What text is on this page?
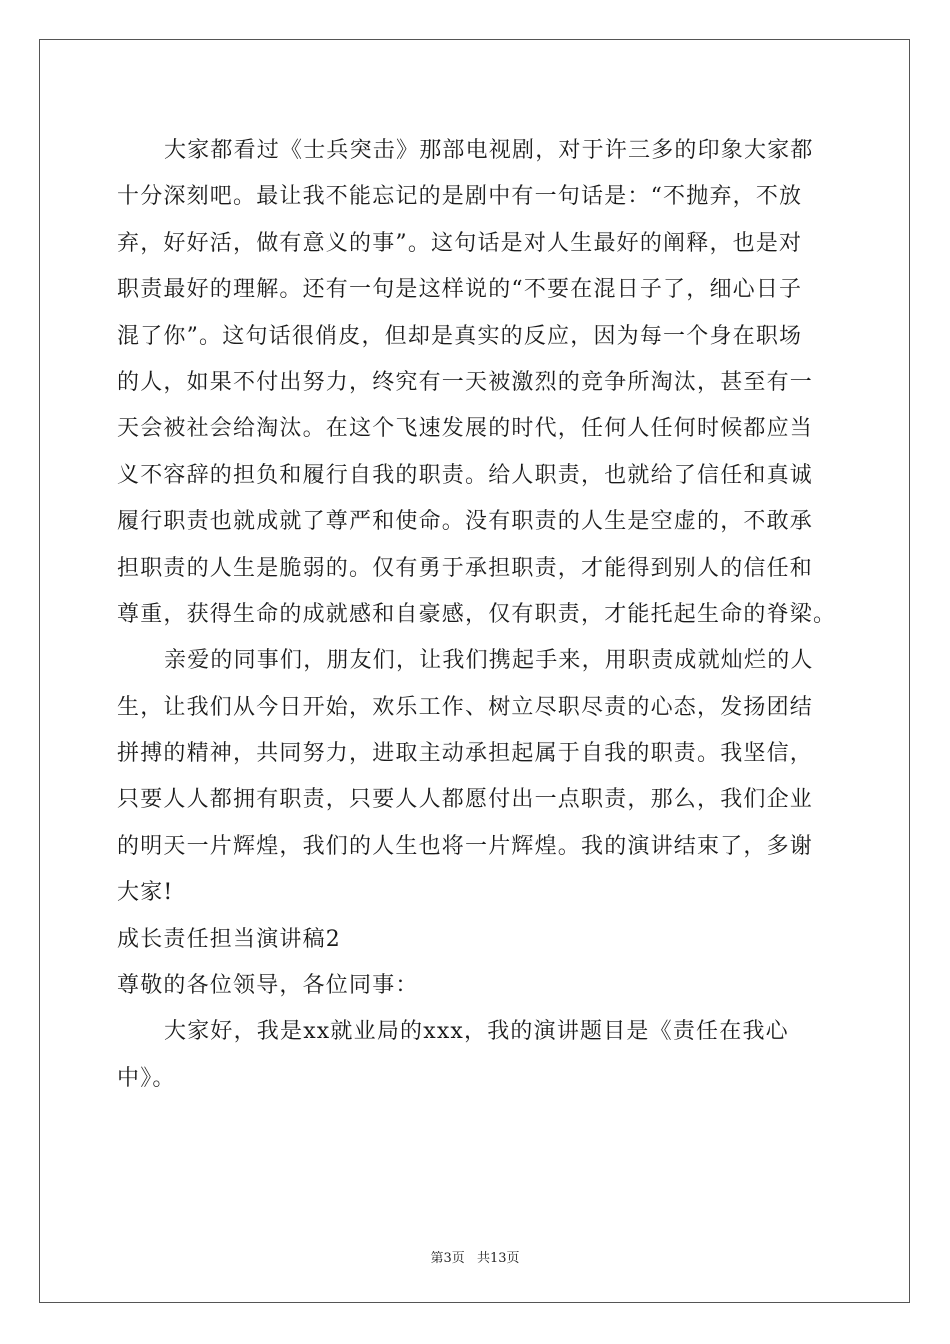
大家都看过《士兵突击》那部电视剧，对于许三多的印象大家都
十分深刻吧。最让我不能忘记的是剧中有一句话是：“不抛弃，不放
弃，好好活，做有意义的事”。这句话是对人生最好的阐释，也是对
职责最好的理解。还有一句是这样说的“不要在混日子了，细心日子
混了你”。这句话很俏皮，但却是真实的反应，因为每一个身在职场
的人，如果不付出努力，终究有一天被激烈的竞争所淘汰，甚至有一
天会被社会给淘汰。在这个飞速发展的时代，任何人任何时候都应当
义不容辞的担负和履行自我的职责。给人职责，也就给了信任和真诚
履行职责也就成就了尊严和使命。没有职责的人生是空虚的，不敢承
担职责的人生是脆弱的。仅有勇于承担职责，才能得到别人的信任和
尊重，获得生命的成就感和自豪感，仅有职责，才能托起生命的脊梁。
亲爱的同事们，朋友们，让我们携起手来，用职责成就灿烂的人
生，让我们从今日开始，欢乐工作、树立尽职尽责的心态，发扬团结
拼搏的精神，共同努力，进取主动承担起属于自我的职责。我坚信，
只要人人都拥有职责，只要人人都愿付出一点职责，那么，我们企业
的明天一片辉煌，我们的人生也将一片辉煌。我的演讲结束了，多谢
大家!
成长责任担当演讲稿2
尊敬的各位领导，各位同事：
大家好，我是xx就业局的xxx，我的演讲题目是《责任在我心
中》。
第3页 共13页
